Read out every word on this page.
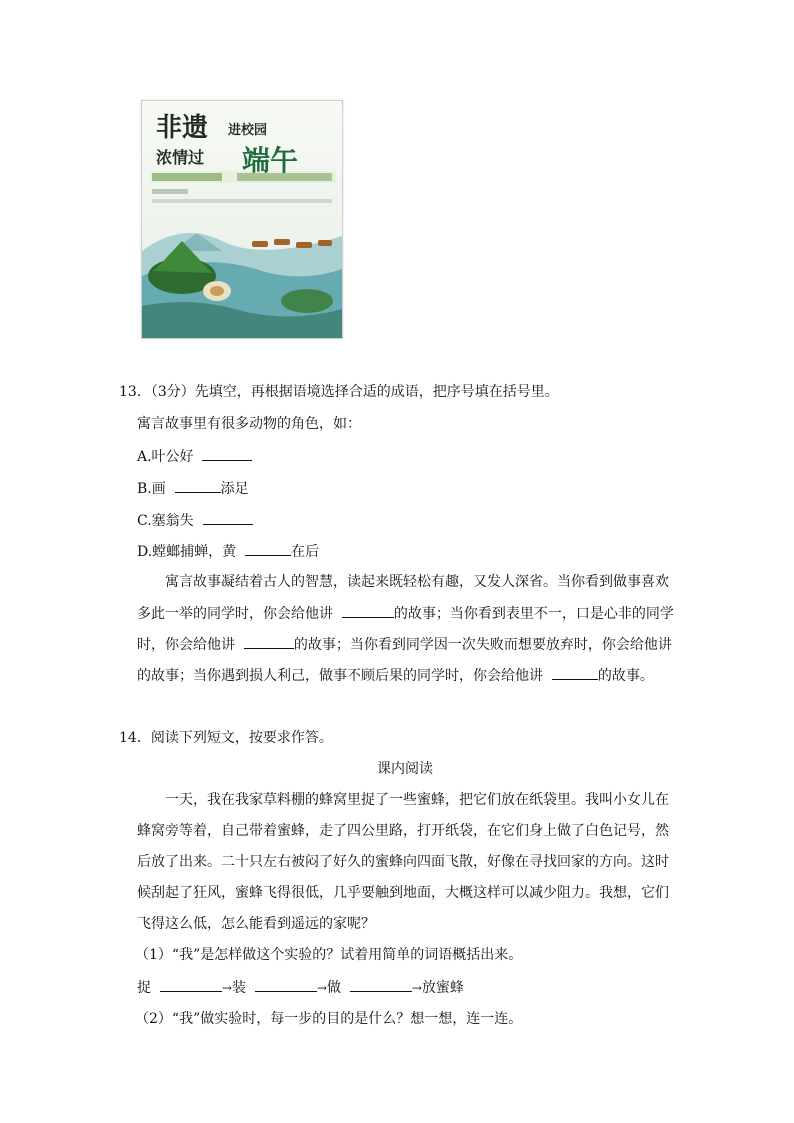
非遗 进校园
浓情过 端午
13．（3分）先填空，再根据语境选择合适的成语，把序号填在括号里。
寓言故事里有很多动物的角色，如：
A.叶公好
B.画	添足
C.塞翁失
D.螳螂捕蝉，黄	在后
寓言故事凝结着古人的智慧，读起来既轻松有趣，又发人深省。当你看到做事喜欢
多此一举的同学时，你会给他讲	的故事；当你看到表里不一，口是心非的同学
时，你会给他讲	的故事；当你看到同学因一次失败而想要放弃时，你会给他讲
的故事；当你遇到损人利己，做事不顾后果的同学时，你会给他讲	的故事。
14．阅读下列短文，按要求作答。
课内阅读
一天，我在我家草料棚的蜂窝里捉了一些蜜蜂，把它们放在纸袋里。我叫小女儿在
蜂窝旁等着，自己带着蜜蜂，走了四公里路，打开纸袋，在它们身上做了白色记号，然
后放了出来。二十只左右被闷了好久的蜜蜂向四面飞散，好像在寻找回家的方向。这时
候刮起了狂风，蜜蜂飞得很低，几乎要触到地面，大概这样可以减少阻力。我想，它们
飞得这么低，怎么能看到遥远的家呢？
（1）“我”是怎样做这个实验的？试着用简单的词语概括出来。
捉	→装	→做	→放蜜蜂
（2）“我”做实验时，每一步的目的是什么？想一想，连一连。
